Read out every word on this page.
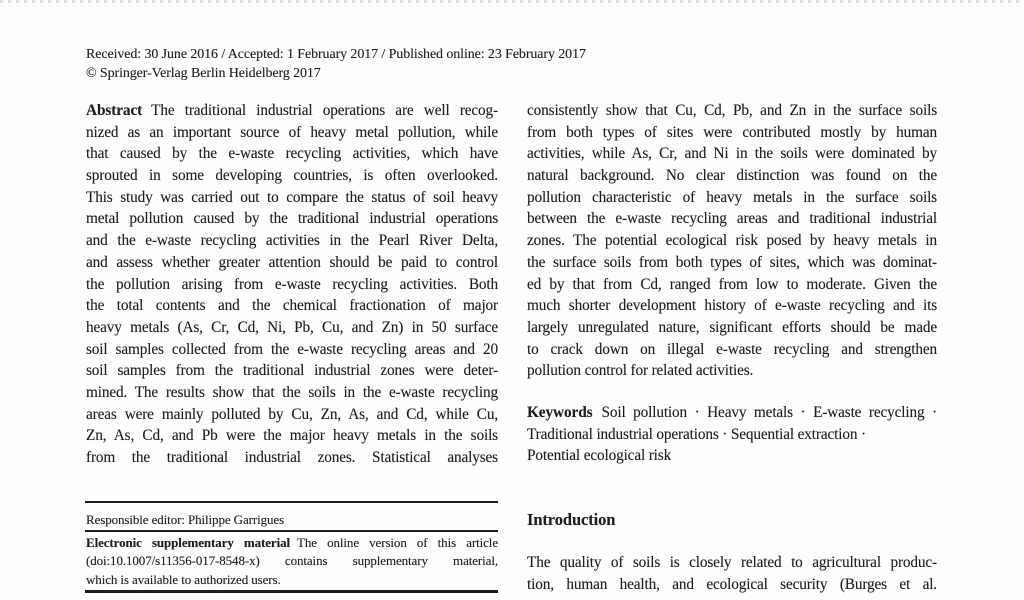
Received: 30 June 2016 / Accepted: 1 February 2017 / Published online: 23 February 2017
© Springer-Verlag Berlin Heidelberg 2017
Abstract The traditional industrial operations are well recog-
nized as an important source of heavy metal pollution, while
that caused by the e-waste recycling activities, which have
sprouted in some developing countries, is often overlooked.
This study was carried out to compare the status of soil heavy
metal pollution caused by the traditional industrial operations
and the e-waste recycling activities in the Pearl River Delta,
and assess whether greater attention should be paid to control
the pollution arising from e-waste recycling activities. Both
the total contents and the chemical fractionation of major
heavy metals (As, Cr, Cd, Ni, Pb, Cu, and Zn) in 50 surface
soil samples collected from the e-waste recycling areas and 20
soil samples from the traditional industrial zones were deter-
mined. The results show that the soils in the e-waste recycling
areas were mainly polluted by Cu, Zn, As, and Cd, while Cu,
Zn, As, Cd, and Pb were the major heavy metals in the soils
from the traditional industrial zones. Statistical analyses
consistently show that Cu, Cd, Pb, and Zn in the surface soils
from both types of sites were contributed mostly by human
activities, while As, Cr, and Ni in the soils were dominated by
natural background. No clear distinction was found on the
pollution characteristic of heavy metals in the surface soils
between the e-waste recycling areas and traditional industrial
zones. The potential ecological risk posed by heavy metals in
the surface soils from both types of sites, which was dominat-
ed by that from Cd, ranged from low to moderate. Given the
much shorter development history of e-waste recycling and its
largely unregulated nature, significant efforts should be made
to crack down on illegal e-waste recycling and strengthen
pollution control for related activities.
Keywords Soil pollution · Heavy metals · E-waste recycling ·
Traditional industrial operations · Sequential extraction ·
Potential ecological risk
Introduction
The quality of soils is closely related to agricultural produc-
tion, human health, and ecological security (Burges et al.
Responsible editor: Philippe Garrigues
Electronic supplementary material The online version of this article
(doi:10.1007/s11356-017-8548-x) contains supplementary material,
which is available to authorized users.
